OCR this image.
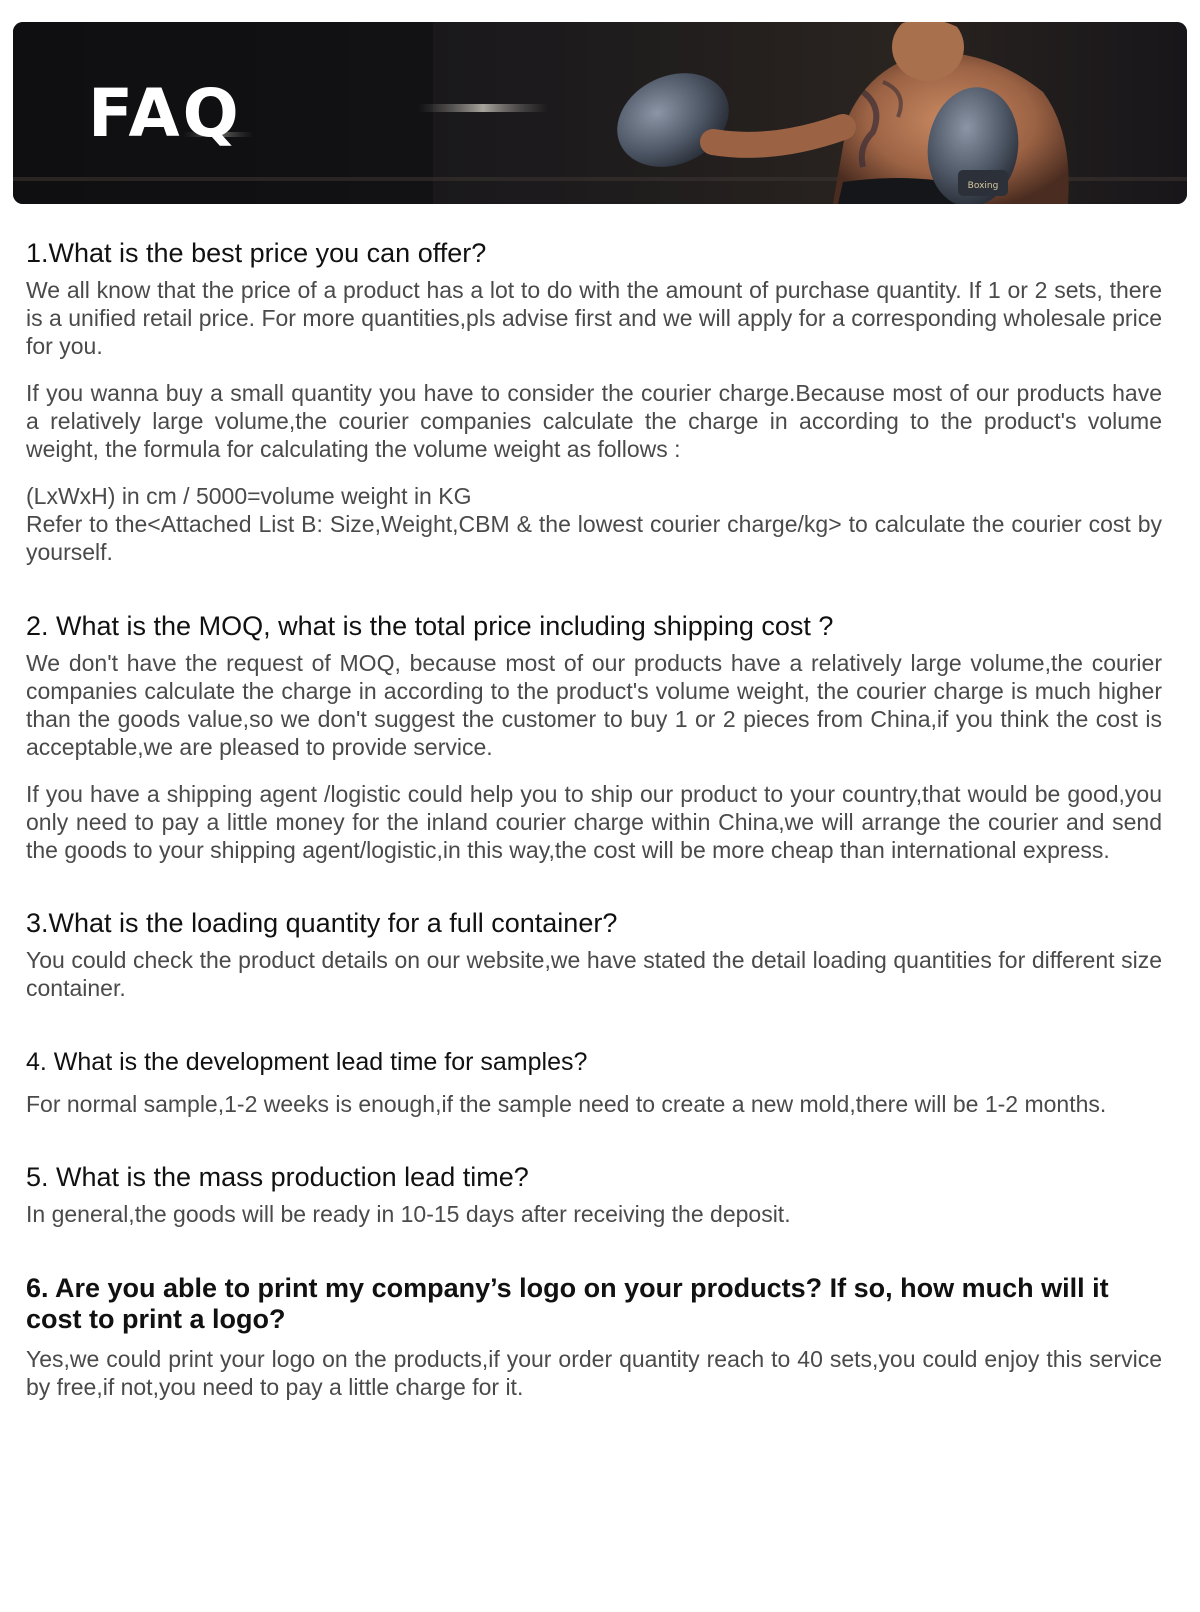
Boxing
FAQ
1.What is the best price you can offer?

We all know that the price of a product has a lot to do with the amount of purchase quantity. If 1 or 2 sets, there is a unified retail price. For more quantities,pls advise first and we will apply for a corresponding wholesale price for you.

If you wanna buy a small quantity you have to consider the courier charge.Because most of our products have a relatively large volume,the courier companies calculate the charge in according to the product's volume weight, the formula for calculating the volume weight as follows :

(LxWxH) in cm / 5000=volume weight in KG
Refer to the<Attached List B: Size,Weight,CBM & the lowest courier charge/kg> to calculate the courier cost by yourself.

2. What is the MOQ, what is the total price including shipping cost ?

We don't have the request of MOQ, because most of our products have a relatively large volume,the courier companies calculate the charge in according to the product's volume weight, the courier charge is much higher than the goods value,so we don't suggest the customer to buy 1 or 2 pieces from China,if you think the cost is acceptable,we are pleased to provide service.

If you have a shipping agent /logistic could help you to ship our product to your country,that would be good,you only need to pay a little money for the inland courier charge within China,we will arrange the courier and send the goods to your shipping agent/logistic,in this way,the cost will be more cheap than international express.

3.What is the loading quantity for a full container?

You could check the product details on our website,we have stated the detail loading quantities for different size container.

4. What is the development lead time for samples?

For normal sample,1-2 weeks is enough,if the sample need to create a new mold,there will be 1-2 months.

5. What is the mass production lead time?

In general,the goods will be ready in 10-15 days after receiving the deposit.

6. Are you able to print my company’s logo on your products? If so, how much will it cost to print a logo?

Yes,we could print your logo on the products,if your order quantity reach to 40 sets,you could enjoy this service by free,if not,you need to pay a little charge for it.
